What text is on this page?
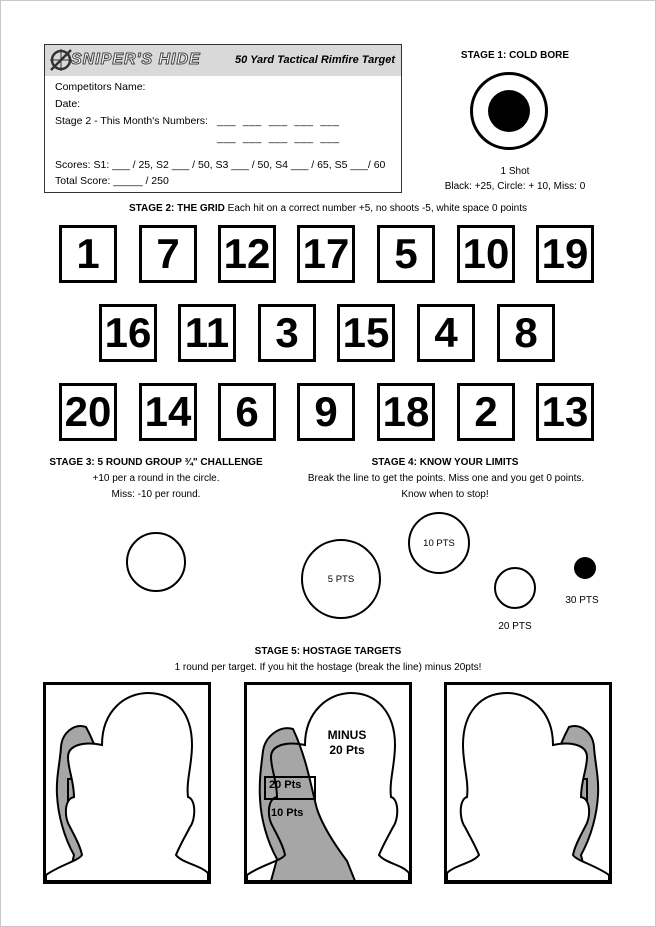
SNIPER'S HIDE	50 Yard Tactical Rimfire Target
Competitors Name:
Date:
Stage 2 - This Month's Numbers: ___  ___  ___  ___  ___
___  ___  ___  ___  ___
Scores: S1: ___ / 25, S2 ___ / 50, S3 ___ / 50, S4 ___ / 65, S5 ___/ 60
Total Score: _____ / 250
STAGE 1: COLD BORE
1 Shot
Black: +25, Circle: + 10, Miss: 0
STAGE 2: THE GRID Each hit on a correct number +5, no shoots -5, white space 0 points
1	7	12 17	5	10 19
16 11	3	15	4	8
20 14	6	9	18	2	13
STAGE 3: 5 ROUND GROUP ¾" CHALLENGE
+10 per a round in the circle.
Miss: -10 per round.
STAGE 4: KNOW YOUR LIMITS
Break the line to get the points. Miss one and you get 0 points.
Know when to stop!
5 PTS
10 PTS
20 PTS
30 PTS
STAGE 5: HOSTAGE TARGETS
1 round per target. If you hit the hostage (break the line) minus 20pts!
MINUS
20 Pts
20 Pts
10 Pts
